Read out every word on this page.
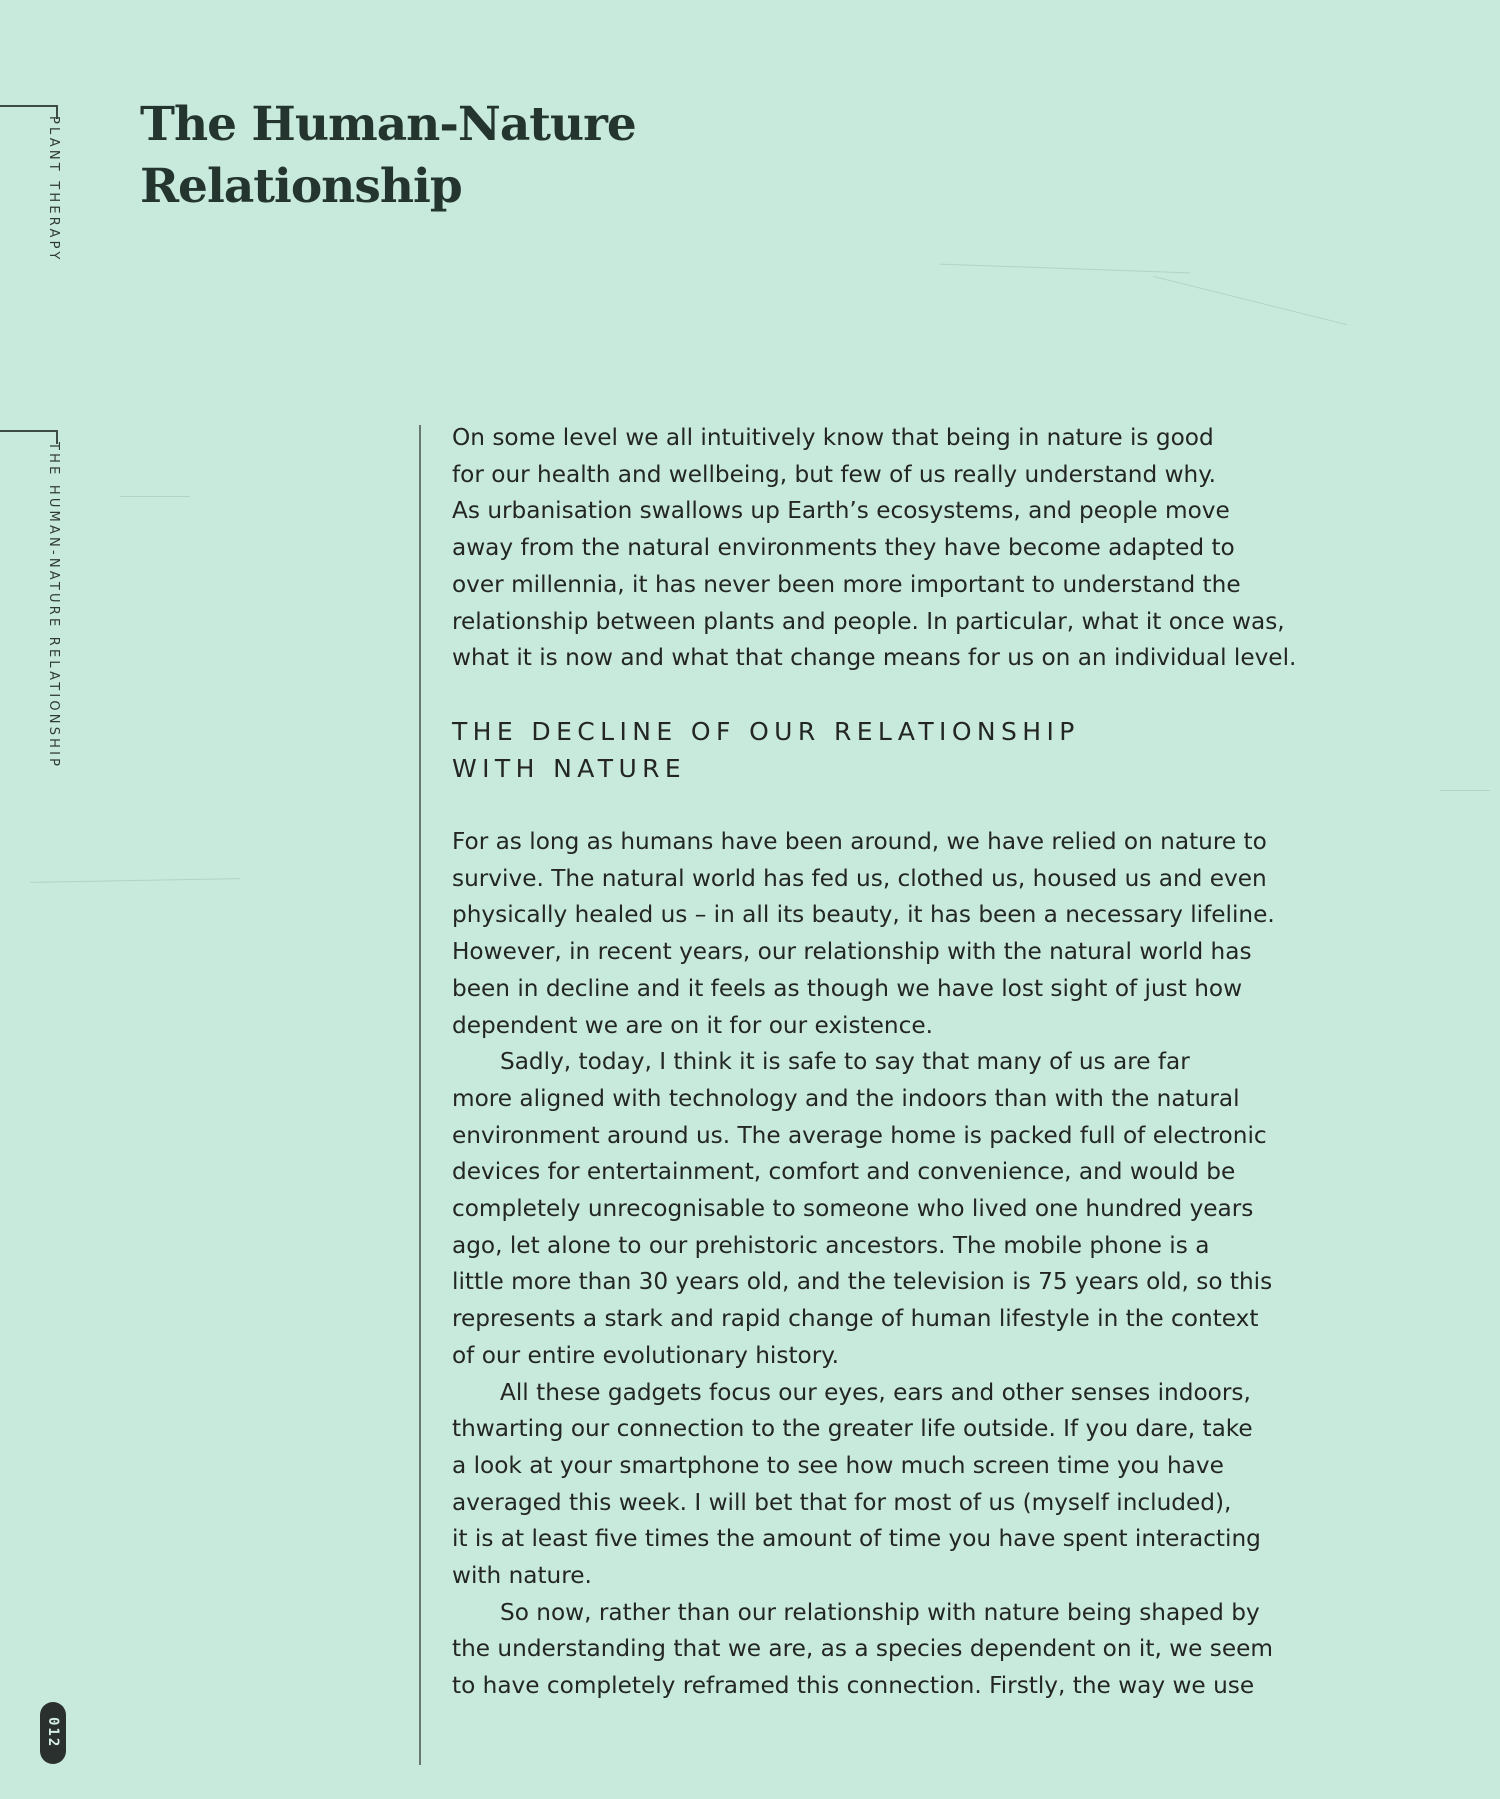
PLANT THERAPY
THE HUMAN-NATURE RELATIONSHIP
012
The Human-Nature
Relationship
On some level we all intuitively know that being in nature is good
for our health and wellbeing, but few of us really understand why.
As urbanisation swallows up Earth’s ecosystems, and people move
away from the natural environments they have become adapted to
over millennia, it has never been more important to understand the
relationship between plants and people. In particular, what it once was,
what it is now and what that change means for us on an individual level.
THE DECLINE OF OUR RELATIONSHIP
WITH NATURE
For as long as humans have been around, we have relied on nature to
survive. The natural world has fed us, clothed us, housed us and even
physically healed us – in all its beauty, it has been a necessary lifeline.
However, in recent years, our relationship with the natural world has
been in decline and it feels as though we have lost sight of just how
dependent we are on it for our existence.
Sadly, today, I think it is safe to say that many of us are far
more aligned with technology and the indoors than with the natural
environment around us. The average home is packed full of electronic
devices for entertainment, comfort and convenience, and would be
completely unrecognisable to someone who lived one hundred years
ago, let alone to our prehistoric ancestors. The mobile phone is a
little more than 30 years old, and the television is 75 years old, so this
represents a stark and rapid change of human lifestyle in the context
of our entire evolutionary history.
All these gadgets focus our eyes, ears and other senses indoors,
thwarting our connection to the greater life outside. If you dare, take
a look at your smartphone to see how much screen time you have
averaged this week. I will bet that for most of us (myself included),
it is at least five times the amount of time you have spent interacting
with nature.
So now, rather than our relationship with nature being shaped by
the understanding that we are, as a species dependent on it, we seem
to have completely reframed this connection. Firstly, the way we use
